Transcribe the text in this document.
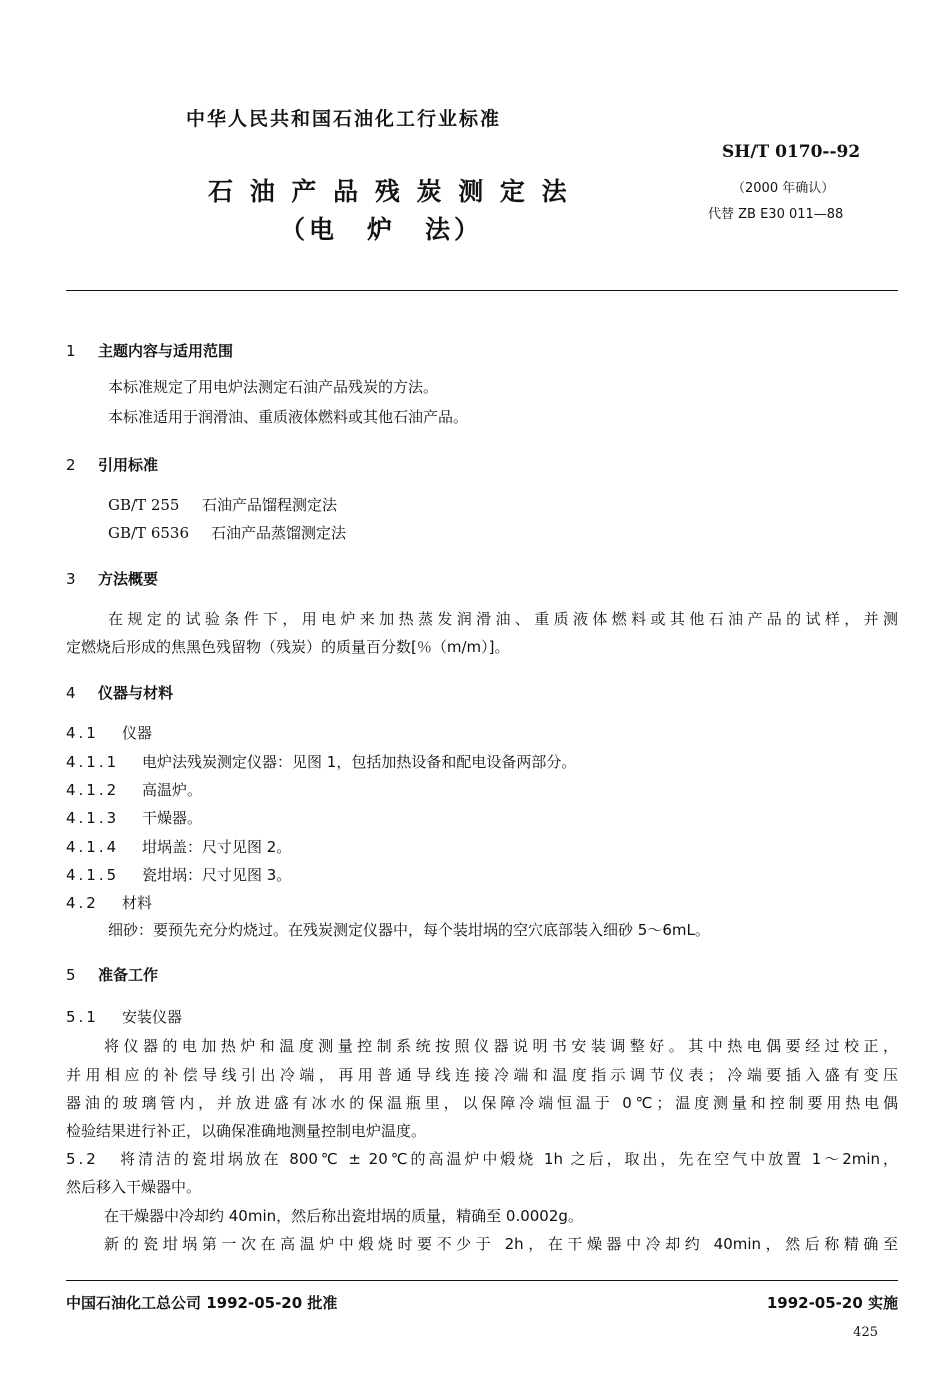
中华人民共和国石油化工行业标准
SH/T 0170--92
（2000 年确认）
代替 ZB E30 011—88
石 油 产 品 残 炭 测 定 法
（电　炉　法）
1 主题内容与适用范围
本标准规定了用电炉法测定石油产品残炭的方法。
本标准适用于润滑油、重质液体燃料或其他石油产品。
2 引用标准
GB/T 255 石油产品馏程测定法
GB/T 6536 石油产品蒸馏测定法
3 方法概要
在规定的试验条件下，用电炉来加热蒸发润滑油、重质液体燃料或其他石油产品的试样，并测
定燃烧后形成的焦黑色残留物（残炭）的质量百分数[％（m/m）]。
4 仪器与材料
4.1 仪器
4.1.1 电炉法残炭测定仪器：见图 1，包括加热设备和配电设备两部分。
4.1.2 高温炉。
4.1.3 干燥器。
4.1.4 坩埚盖：尺寸见图 2。
4.1.5 瓷坩埚：尺寸见图 3。
4.2 材料
细砂：要预先充分灼烧过。在残炭测定仪器中，每个装坩埚的空穴底部装入细砂 5～6mL。
5 准备工作
5.1 安装仪器
将仪器的电加热炉和温度测量控制系统按照仪器说明书安装调整好。其中热电偶要经过校正，
并用相应的补偿导线引出冷端，再用普通导线连接冷端和温度指示调节仪表；冷端要插入盛有变压
器油的玻璃管内，并放进盛有冰水的保温瓶里，以保障冷端恒温于 0℃；温度测量和控制要用热电偶
检验结果进行补正，以确保准确地测量控制电炉温度。
5.2 将清洁的瓷坩埚放在 800℃ ± 20℃的高温炉中煅烧 1h 之后，取出，先在空气中放置 1～2min，
然后移入干燥器中。
在干燥器中冷却约 40min，然后称出瓷坩埚的质量，精确至 0.0002g。
新的瓷坩埚第一次在高温炉中煅烧时要不少于 2h，在干燥器中冷却约 40min，然后称精确至
中国石油化工总公司 1992-05-20 批准	1992-05-20 实施
425
